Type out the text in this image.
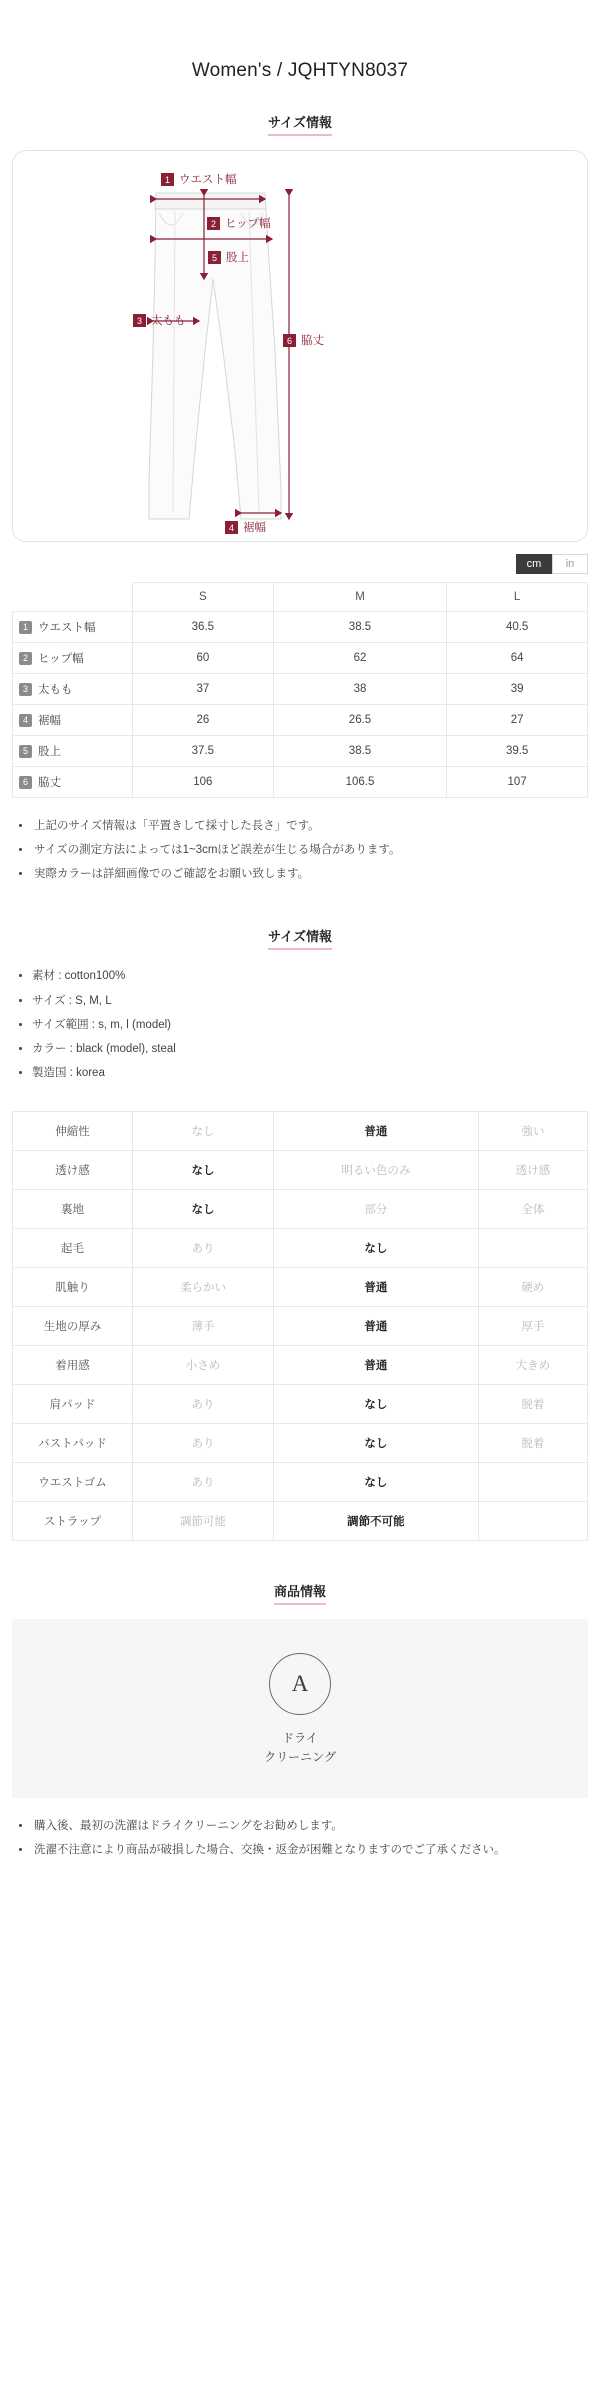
Women's / JQHTYN8037
サイズ情報
1 ウエスト幅
2 ヒップ幅
5 股上
3 太もも
6 脇丈
4 裾幅
cm	in
	S	M	L
1 ウエスト幅	36.5	38.5	40.5
2 ヒップ幅	60	62	64
3 太もも	37	38	39
4 裾幅	26	26.5	27
5 股上	37.5	38.5	39.5
6 脇丈	106	106.5	107
• 上記のサイズ情報は「平置きして採寸した長さ」です。
• サイズの測定方法によっては1~3cmほど誤差が生じる場合があります。
• 実際カラーは詳細画像でのご確認をお願い致します。
サイズ情報
• 素材 : cotton100%
• サイズ : S, M, L
• サイズ範囲 : s, m, l (model)
• カラー : black (model), steal
• 製造国 : korea
伸縮性	なし	普通	強い
透け感	なし	明るい色のみ	透け感
裏地	なし	部分	全体
起毛	あり	なし	
肌触り	柔らかい	普通	硬め
生地の厚み	薄手	普通	厚手
着用感	小さめ	普通	大きめ
肩パッド	あり	なし	脱着
バストパッド	あり	なし	脱着
ウエストゴム	あり	なし	
ストラップ	調節可能	調節不可能	
商品情報
A
ドライ
クリーニング
• 購入後、最初の洗濯はドライクリーニングをお勧めします。
• 洗濯不注意により商品が破損した場合、交換・返金が困難となりますのでご了承ください。
